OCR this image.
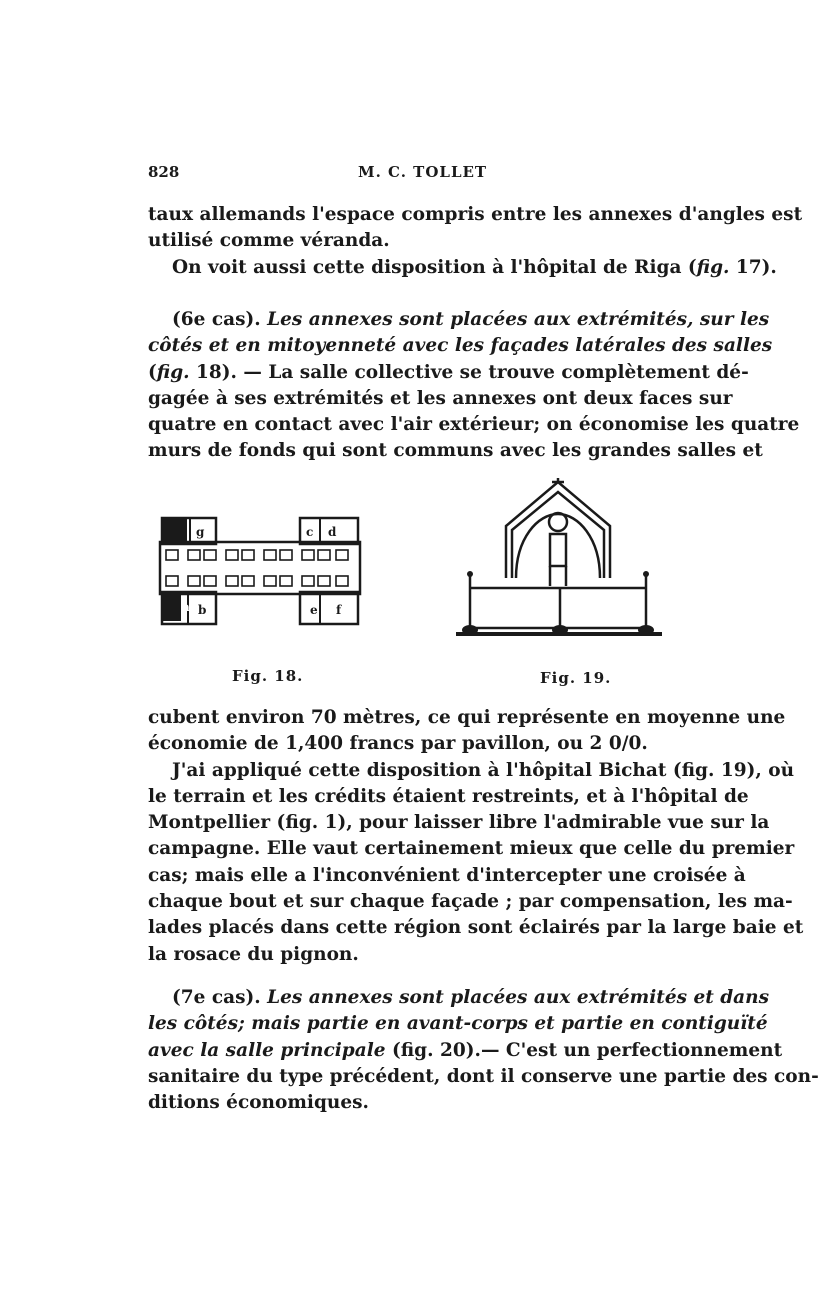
828	M. C. TOLLET
taux allemands l'espace compris entre les annexes d'angles est
utilisé comme véranda.
On voit aussi cette disposition à l'hôpital de Riga (fig. 17).
(6e cas). Les annexes sont placées aux extrémités, sur les
côtés et en mitoyenneté avec les façades latérales des salles
(fig. 18). — La salle collective se trouve complètement dé-
gagée à ses extrémités et les annexes ont deux faces sur
quatre en contact avec l'air extérieur; on économise les quatre
murs de fonds qui sont communs avec les grandes salles et
g	c d
a b	e f
Fig. 18.	Fig. 19.
cubent environ 70 mètres, ce qui représente en moyenne une
économie de 1,400 francs par pavillon, ou 2 0/0.
J'ai appliqué cette disposition à l'hôpital Bichat (fig. 19), où
le terrain et les crédits étaient restreints, et à l'hôpital de
Montpellier (fig. 1), pour laisser libre l'admirable vue sur la
campagne. Elle vaut certainement mieux que celle du premier
cas; mais elle a l'inconvénient d'intercepter une croisée à
chaque bout et sur chaque façade ; par compensation, les ma-
lades placés dans cette région sont éclairés par la large baie et
la rosace du pignon.
(7e cas). Les annexes sont placées aux extrémités et dans
les côtés; mais partie en avant-corps et partie en contiguïté
avec la salle principale (fig. 20).— C'est un perfectionnement
sanitaire du type précédent, dont il conserve une partie des con-
ditions économiques.
